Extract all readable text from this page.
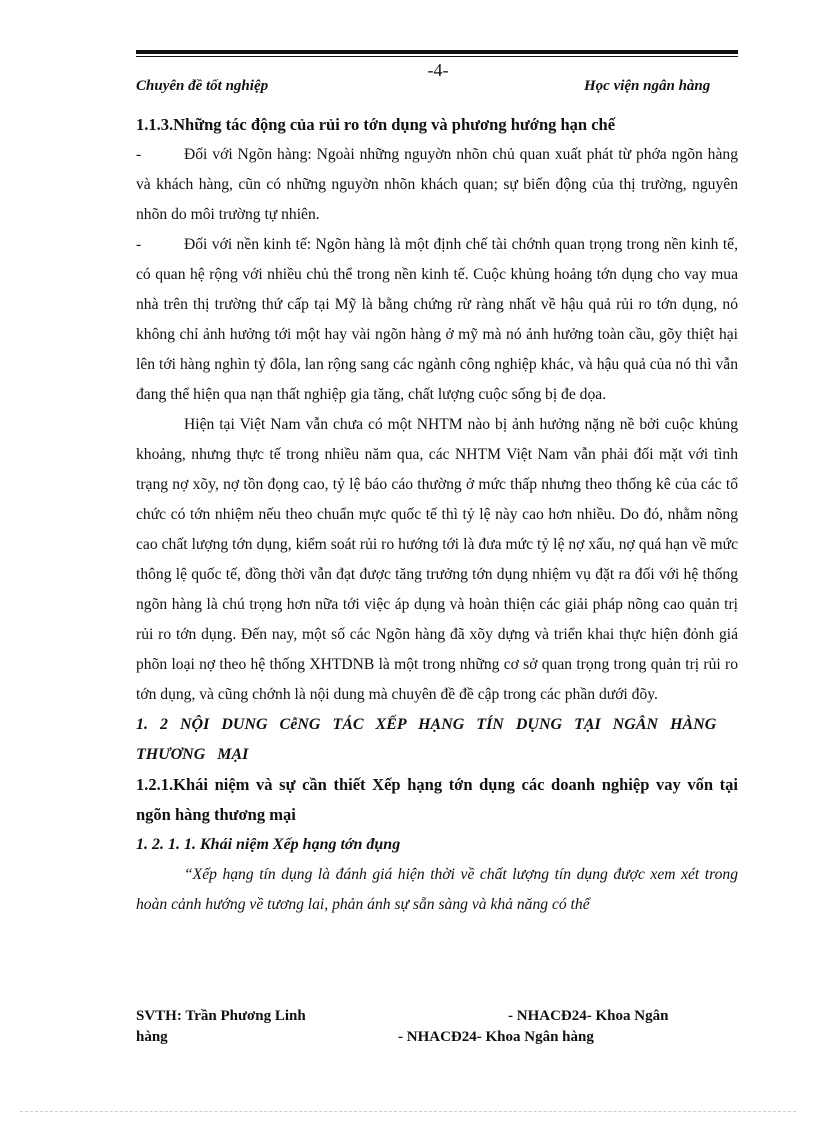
-4-
Chuyên đề tốt nghiệp	Học viện ngân hàng

1.1.3.Những tác động của rủi ro tớn dụng và phương hướng hạn chế

-	Đối với Ngõn hàng: Ngoài những nguyờn nhõn chủ quan xuất phát từ phớa ngõn hàng và khách hàng, cũn có những nguyờn nhõn khách quan; sự biến động của thị trường, nguyên nhõn do môi trường tự nhiên.

-	Đối với nền kinh tế: Ngõn hàng là một định chế tài chớnh quan trọng trong nền kinh tế, có quan hệ rộng với nhiều chủ thể trong nền kinh tế. Cuộc khủng hoảng tớn dụng cho vay mua nhà trên thị trường thứ cấp tại Mỹ là bằng chứng rừ ràng nhất về hậu quả rủi ro tớn dụng, nó không chỉ ảnh hưởng tới một hay vài ngõn hàng ở mỹ mà nó ảnh hưởng toàn cầu, gõy thiệt hại lên tới hàng nghìn tỷ đôla, lan rộng sang các ngành công nghiệp khác, và hậu quả của nó thì vẫn đang thể hiện qua nạn thất nghiệp gia tăng, chất lượng cuộc sống bị đe dọa.

Hiện tại Việt Nam vẫn chưa có một NHTM nào bị ảnh hưởng nặng nề bởi cuộc khủng khoảng, nhưng thực tế trong nhiều năm qua, các NHTM Việt Nam vẫn phải đối mặt với tình trạng nợ xõy, nợ tồn đọng cao, tỷ lệ báo cáo thường ở mức thấp nhưng theo thống kê của các tổ chức có tớn nhiệm nếu theo chuẩn mực quốc tế thì tỷ lệ này cao hơn nhiều. Do đó, nhằm nõng cao chất lượng tớn dụng, kiểm soát rủi ro hướng tới là đưa mức tỷ lệ nợ xấu, nợ quá hạn về mức thông lệ quốc tế, đồng thời vẫn đạt được tăng trưởng tớn dụng nhiệm vụ đặt ra đối với hệ thống ngõn hàng là chú trọng hơn nữa tới việc áp dụng và hoàn thiện các giải pháp nõng cao quản trị rủi ro tớn dụng. Đến nay, một số các Ngõn hàng đã xõy dựng và triển khai thực hiện đỏnh giá phõn loại nợ theo hệ thống XHTDNB là một trong những cơ sở quan trọng trong quản trị rủi ro tớn dụng, và cũng chớnh là nội dung mà chuyên đề đề cập trong các phần dưới đõy.

1. 2 NỘI DUNG CễNG TÁC XẾP HẠNG TÍN DỤNG TẠI NGÂN HÀNG THƯƠNG MẠI

1.2.1.Khái niệm và sự cần thiết Xếp hạng tớn dụng các doanh nghiệp vay vốn tại ngõn hàng thương mại

1. 2. 1. 1. Khái niệm Xếp hạng tớn đụng

“Xếp hạng tín dụng là đánh giá hiện thời về chất lượng tín dụng được xem xét trong hoàn cảnh hướng về tương lai, phản ánh sự sẵn sàng và khả năng có thể

SVTH: Trần Phương Linh	- NHACĐ24- Khoa Ngân
hàng	- NHACĐ24- Khoa Ngân hàng
